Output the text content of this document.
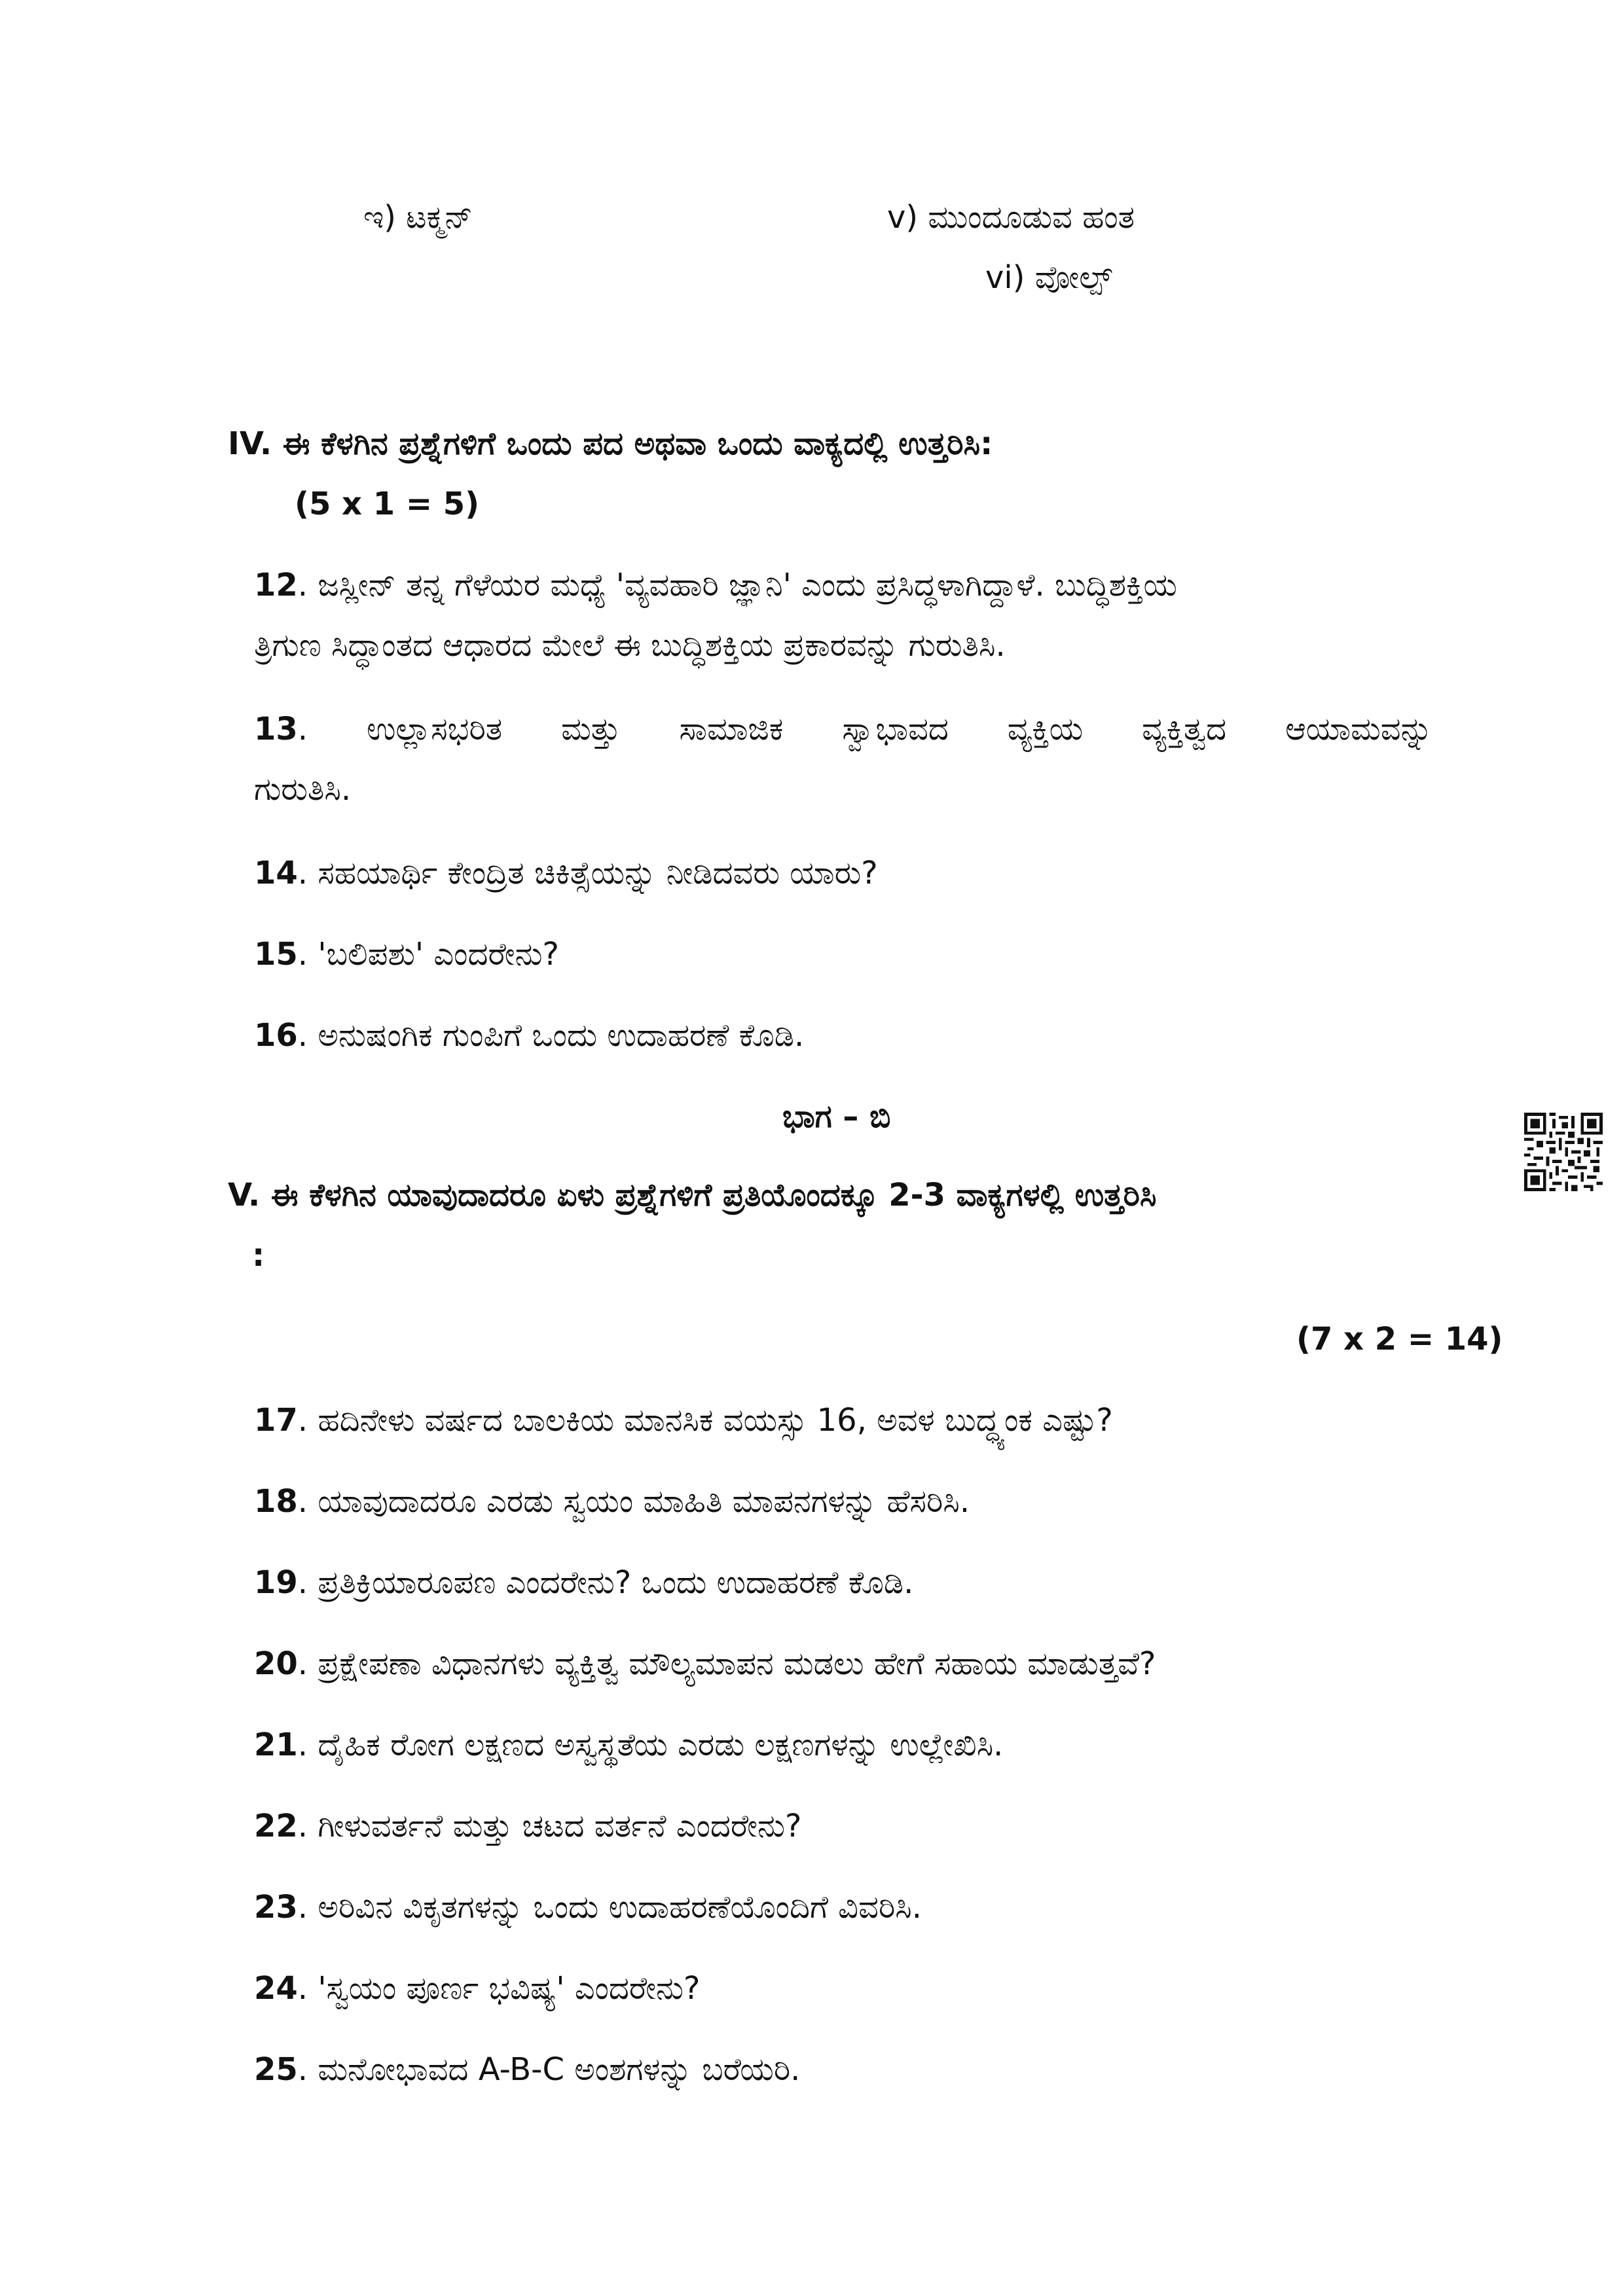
ಇ) ಟಕ್ಮನ್	v) ಮುಂದೂಡುವ ಹಂತ
vi) ವೋಲ್ಪ್
IV. ಈ ಕೆಳಗಿನ ಪ್ರಶ್ನೆಗಳಿಗೆ ಒಂದು ಪದ ಅಥವಾ ಒಂದು ವಾಕ್ಯದಲ್ಲಿ ಉತ್ತರಿಸಿ:
(5 x 1 = 5)
12. ಜಸ್ಲೀನ್ ತನ್ನ ಗೆಳೆಯರ ಮಧ್ಯೆ 'ವ್ಯವಹಾರಿ ಜ್ಞಾನಿ' ಎಂದು ಪ್ರಸಿದ್ಧಳಾಗಿದ್ದಾಳೆ. ಬುದ್ಧಿಶಕ್ತಿಯ
ತ್ರಿಗುಣ ಸಿದ್ಧಾಂತದ ಆಧಾರದ ಮೇಲೆ ಈ ಬುದ್ಧಿಶಕ್ತಿಯ ಪ್ರಕಾರವನ್ನು ಗುರುತಿಸಿ.
13. ಉಲ್ಲಾಸಭರಿತ ಮತ್ತು ಸಾಮಾಜಿಕ ಸ್ವಾಭಾವದ ವ್ಯಕ್ತಿಯ ವ್ಯಕ್ತಿತ್ವದ ಆಯಾಮವನ್ನು
ಗುರುತಿಸಿ.
14. ಸಹಯಾರ್ಥಿ ಕೇಂದ್ರಿತ ಚಿಕಿತ್ಸೆಯನ್ನು ನೀಡಿದವರು ಯಾರು?
15. 'ಬಲಿಪಶು' ಎಂದರೇನು?
16. ಅನುಷಂಗಿಕ ಗುಂಪಿಗೆ ಒಂದು ಉದಾಹರಣೆ ಕೊಡಿ.
ಭಾಗ – ಬಿ
V. ಈ ಕೆಳಗಿನ ಯಾವುದಾದರೂ ಏಳು ಪ್ರಶ್ನೆಗಳಿಗೆ ಪ್ರತಿಯೊಂದಕ್ಕೂ 2-3 ವಾಕ್ಯಗಳಲ್ಲಿ ಉತ್ತರಿಸಿ
:
(7 x 2 = 14)
17. ಹದಿನೇಳು ವರ್ಷದ ಬಾಲಕಿಯ ಮಾನಸಿಕ ವಯಸ್ಸು 16, ಅವಳ ಬುದ್ಧ್ಯಂಕ ಎಷ್ಟು?
18. ಯಾವುದಾದರೂ ಎರಡು ಸ್ವಯಂ ಮಾಹಿತಿ ಮಾಪನಗಳನ್ನು ಹೆಸರಿಸಿ.
19. ಪ್ರತಿಕ್ರಿಯಾರೂಪಣ ಎಂದರೇನು? ಒಂದು ಉದಾಹರಣೆ ಕೊಡಿ.
20. ಪ್ರಕ್ಷೇಪಣಾ ವಿಧಾನಗಳು ವ್ಯಕ್ತಿತ್ವ ಮೌಲ್ಯಮಾಪನ ಮಡಲು ಹೇಗೆ ಸಹಾಯ ಮಾಡುತ್ತವೆ?
21. ದೈಹಿಕ ರೋಗ ಲಕ್ಷಣದ ಅಸ್ವಸ್ಥತೆಯ ಎರಡು ಲಕ್ಷಣಗಳನ್ನು ಉಲ್ಲೇಖಿಸಿ.
22. ಗೀಳುವರ್ತನೆ ಮತ್ತು ಚಟದ ವರ್ತನೆ ಎಂದರೇನು?
23. ಅರಿವಿನ ವಿಕೃತಗಳನ್ನು ಒಂದು ಉದಾಹರಣೆಯೊಂದಿಗೆ ವಿವರಿಸಿ.
24. 'ಸ್ವಯಂ ಪೂರ್ಣ ಭವಿಷ್ಯ' ಎಂದರೇನು?
25. ಮನೋಭಾವದ A-B-C ಅಂಶಗಳನ್ನು ಬರೆಯರಿ.
